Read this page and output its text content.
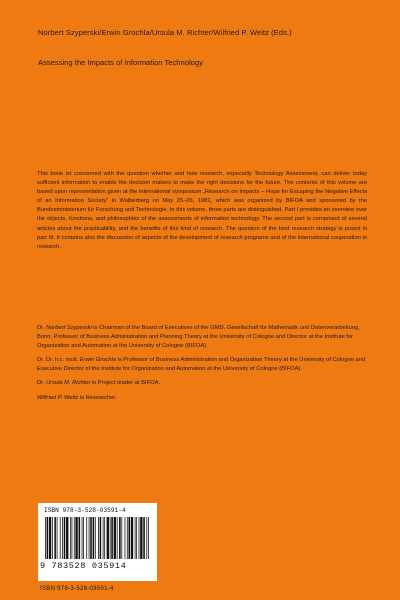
Norbert Szyperski/Erwin Grochla/Ursula M. Richter/Wilfried P. Weitz (Eds.)
Assessing the Impacts of Information Technology

This book ist concerned with the question whether and how research, especially Technology Assessment, can deliver today sufficient information to enable the decision makers to make the right decisions for the future. The contents of this volume are based upon representation given at the international symposium „Research on Impacts – Hope for Escaping the Negative Effects of an Information Society“ in Walberberg on May 25–26, 1981, which was organized by BIFOA and sponsored by the Bundesministerium für Forschung und Technologie. In this volume, three parts are distinguished. Part I provides an overview over the objects, functions, and philosophies of the assessments of information technology. The second part is comprised of several articles about the practicability, and the benefits of this kind of research. The question of the best research strategy is posed in part III. It contains also the discussion of aspects of the development of research programs and of the international cooperation in research.

Dr. Norbert Szyperski is Chairman of the Board of Executives of the GMD, Gesellschaft für Mathematik und Datenverarbeitung, Bonn, Professor of Business Administration and Planning Theory at the University of Cologne and Director at the Institute for Organization and Automation at the University of Cologne (BIFOA).

Dr. Dr. h.c. mult. Erwin Grochla is Professor of Business Administration and Organization Theory at the University of Cologne and Executive Director of the Institute for Organization and Automation at the University of Cologne (BIFOA).

Dr. Ursula M. Richter is Project leader at BIFOA.

Wilfried P. Weitz is Researcher.

ISBN 978-3-528-03591-4
9 783528 035914
ISBN 978-3-528-03591-4
